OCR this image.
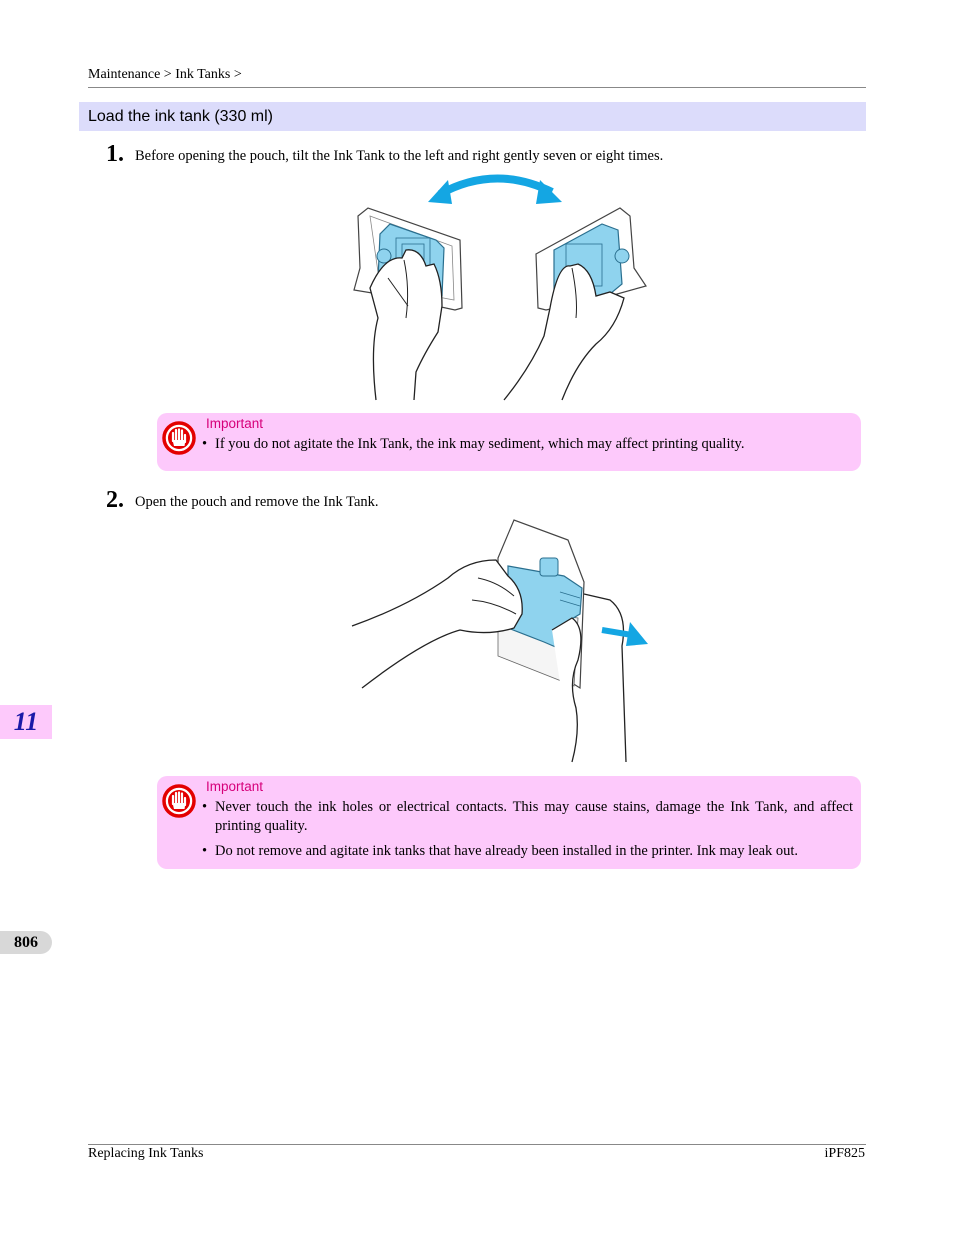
Maintenance > Ink Tanks >
Load the ink tank (330 ml)
1. Before opening the pouch, tilt the Ink Tank to the left and right gently seven or eight times.
Important
• If you do not agitate the Ink Tank, the ink may sediment, which may affect printing quality.
2. Open the pouch and remove the Ink Tank.
Important
• Never touch the ink holes or electrical contacts. This may cause stains, damage the Ink Tank, and affect printing quality.
• Do not remove and agitate ink tanks that have already been installed in the printer. Ink may leak out.
11
806
Replacing Ink Tanks	iPF825
